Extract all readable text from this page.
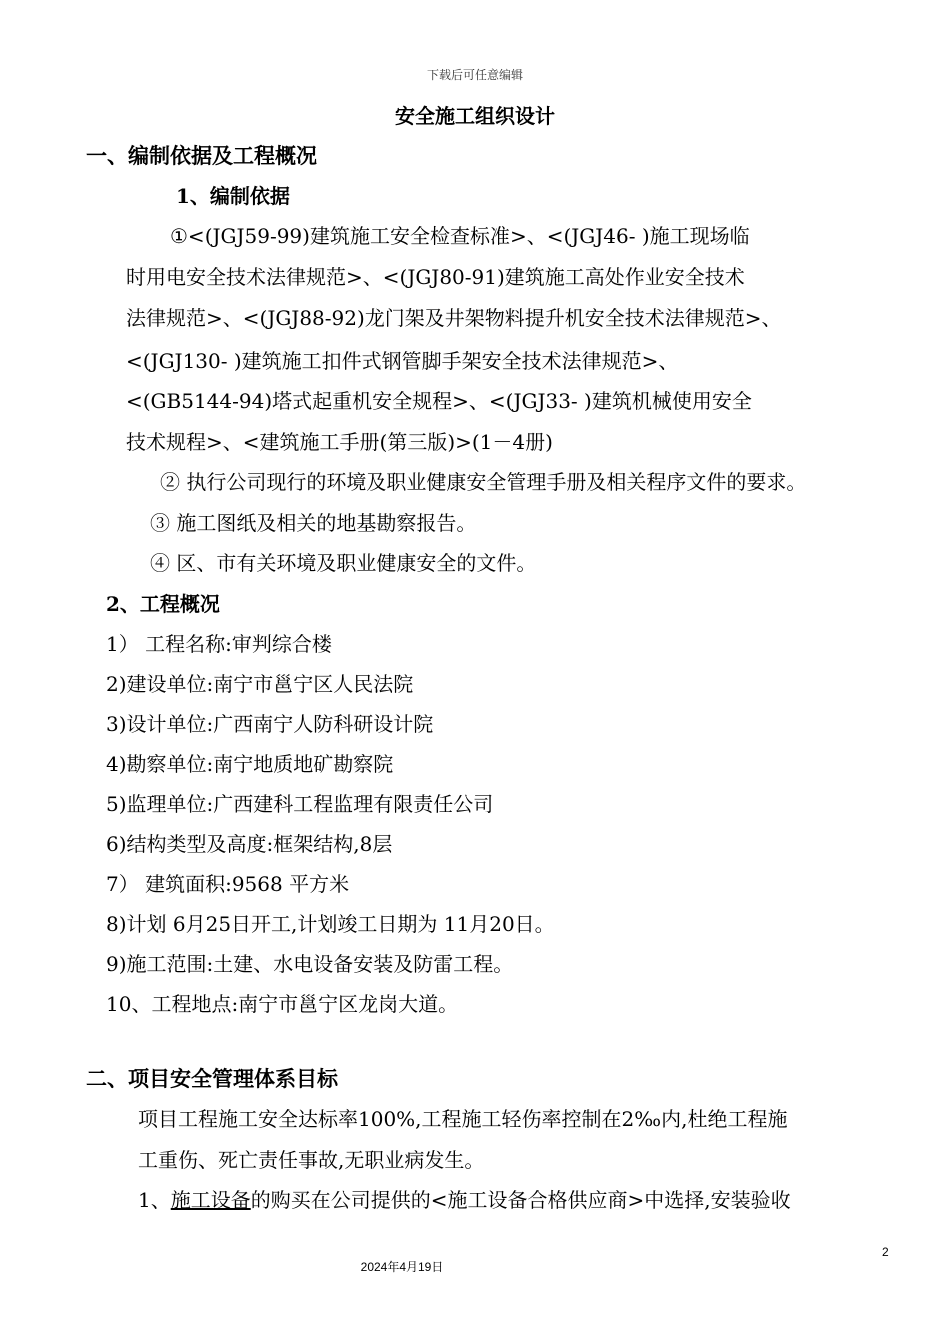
下载后可任意编辑
安全施工组织设计
一、编制依据及工程概况
1、编制依据
①<(JGJ59-99)建筑施工安全检查标准>、<(JGJ46- )施工现场临
时用电安全技术法律规范>、<(JGJ80-91)建筑施工高处作业安全技术
法律规范>、<(JGJ88-92)龙门架及井架物料提升机安全技术法律规范>、
<(JGJ130- )建筑施工扣件式钢管脚手架安全技术法律规范>、
<(GB5144-94)塔式起重机安全规程>、<(JGJ33- )建筑机械使用安全
技术规程>、<建筑施工手册(第三版)>(1－4册)
② 执行公司现行的环境及职业健康安全管理手册及相关程序文件的要求。
③ 施工图纸及相关的地基勘察报告。
④ 区、市有关环境及职业健康安全的文件。
2、工程概况
1） 工程名称:审判综合楼
2)建设单位:南宁市邕宁区人民法院
3)设计单位:广西南宁人防科研设计院
4)勘察单位:南宁地质地矿勘察院
5)监理单位:广西建科工程监理有限责任公司
6)结构类型及高度:框架结构,8层
7） 建筑面积:9568 平方米
8)计划 6月25日开工,计划竣工日期为 11月20日。
9)施工范围:土建、水电设备安装及防雷工程。
10、工程地点:南宁市邕宁区龙岗大道。
二、项目安全管理体系目标
项目工程施工安全达标率100%,工程施工轻伤率控制在2‰内,杜绝工程施
工重伤、死亡责任事故,无职业病发生。
1、施工设备的购买在公司提供的<施工设备合格供应商>中选择,安装验收
2
2024年4月19日
